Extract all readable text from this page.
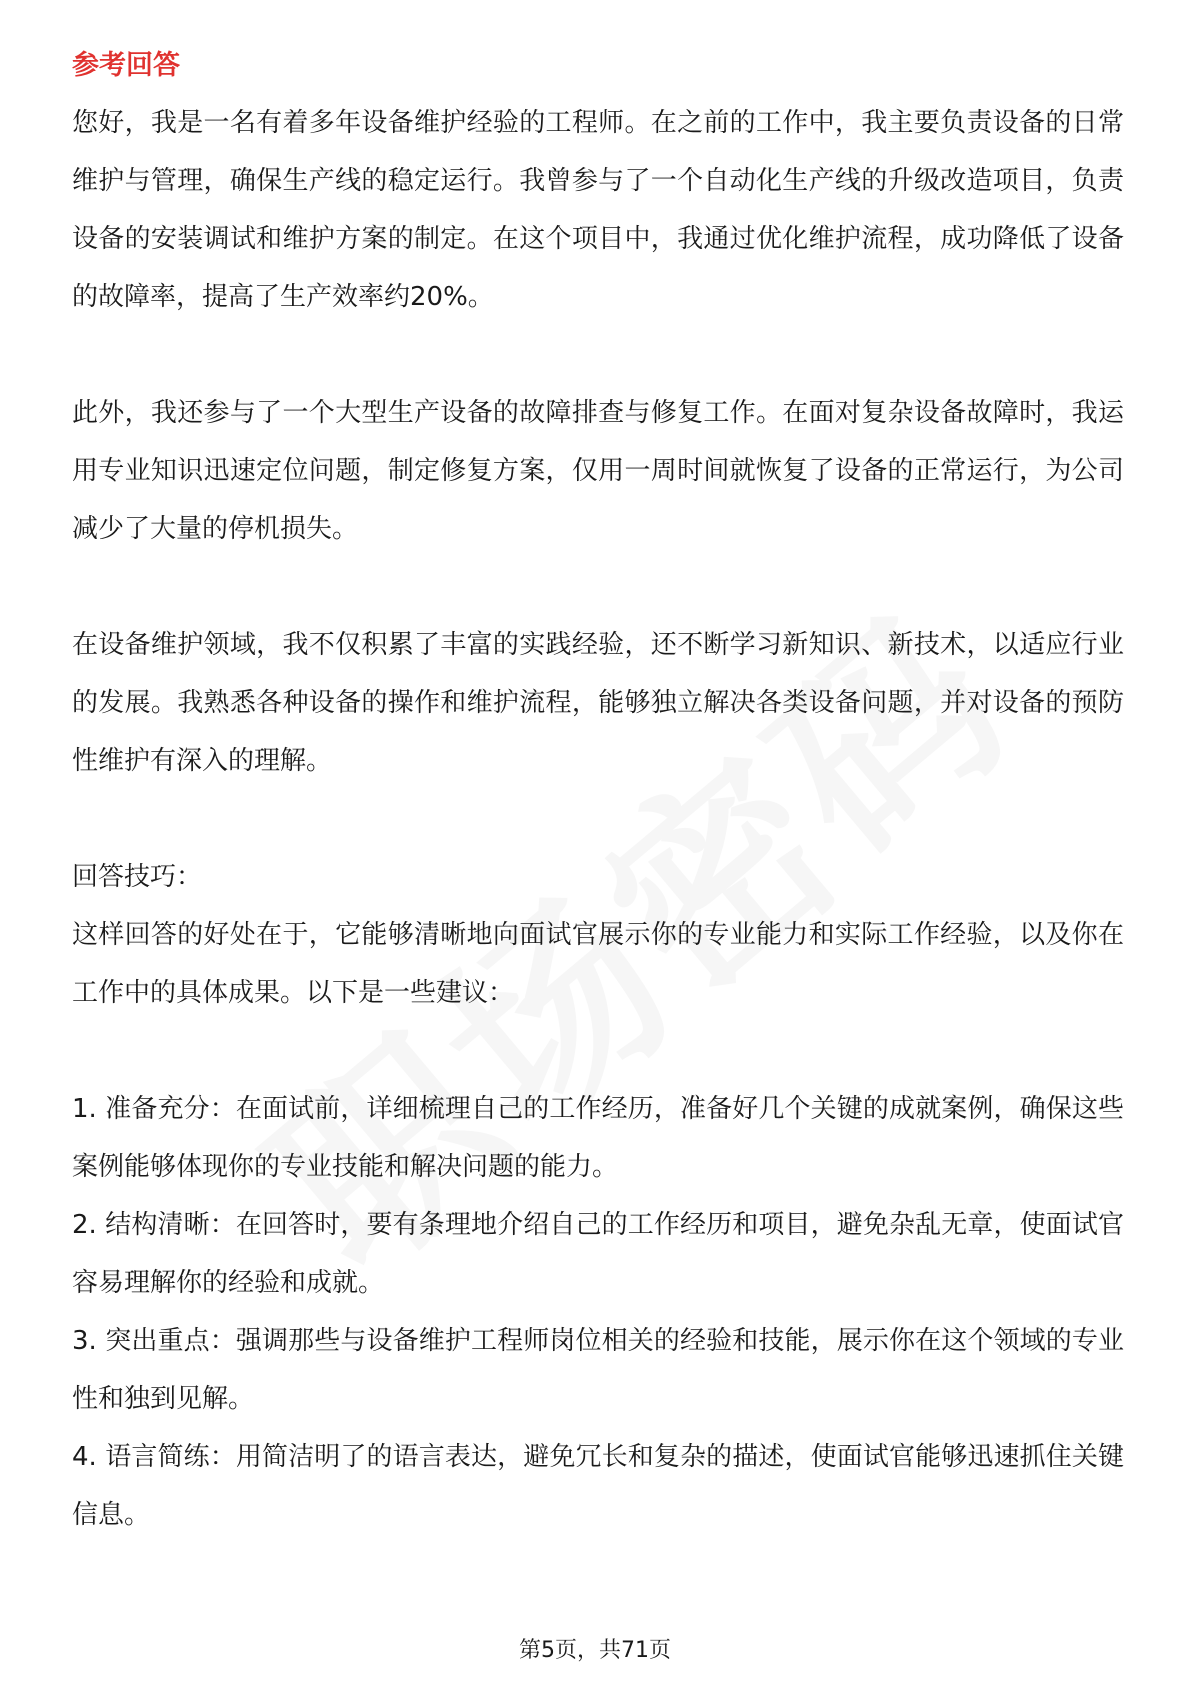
参考回答

您好，我是一名有着多年设备维护经验的工程师。在之前的工作中，我主要负责设备的日常维护与管理，确保生产线的稳定运行。我曾参与了一个自动化生产线的升级改造项目，负责设备的安装调试和维护方案的制定。在这个项目中，我通过优化维护流程，成功降低了设备的故障率，提高了生产效率约20%。

此外，我还参与了一个大型生产设备的故障排查与修复工作。在面对复杂设备故障时，我运用专业知识迅速定位问题，制定修复方案，仅用一周时间就恢复了设备的正常运行，为公司减少了大量的停机损失。

在设备维护领域，我不仅积累了丰富的实践经验，还不断学习新知识、新技术，以适应行业的发展。我熟悉各种设备的操作和维护流程，能够独立解决各类设备问题，并对设备的预防性维护有深入的理解。

回答技巧：

这样回答的好处在于，它能够清晰地向面试官展示你的专业能力和实际工作经验，以及你在工作中的具体成果。以下是一些建议：

1. 准备充分：在面试前，详细梳理自己的工作经历，准备好几个关键的成就案例，确保这些案例能够体现你的专业技能和解决问题的能力。

2. 结构清晰：在回答时，要有条理地介绍自己的工作经历和项目，避免杂乱无章，使面试官容易理解你的经验和成就。

3. 突出重点：强调那些与设备维护工程师岗位相关的经验和技能，展示你在这个领域的专业性和独到见解。

4. 语言简练：用简洁明了的语言表达，避免冗长和复杂的描述，使面试官能够迅速抓住关键信息。

第5页，共71页
